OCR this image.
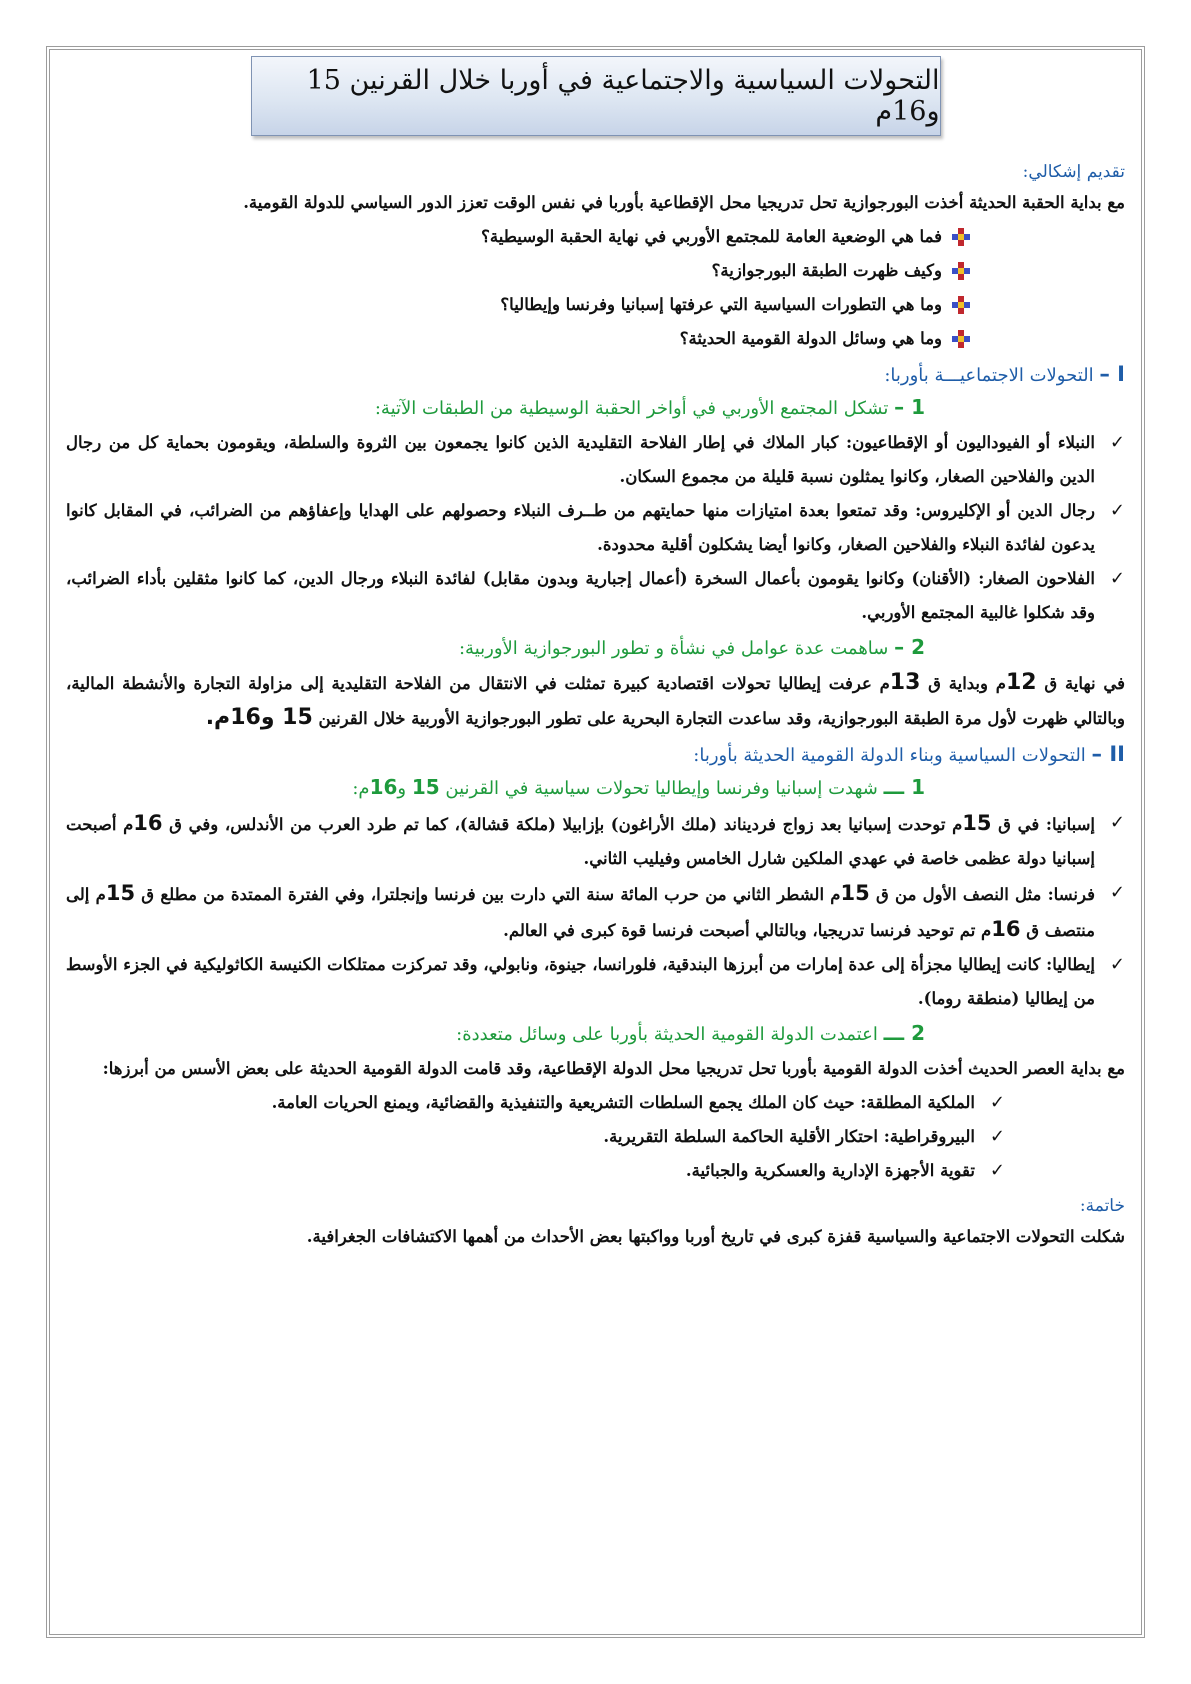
التحولات السياسية والاجتماعية في أوربا خلال القرنين 15 و16م
تقديم إشكالي:

مع بداية الحقبة الحديثة أخذت البورجوازية تحل تدريجيا محل الإقطاعية بأوربا في نفس الوقت تعزز الدور السياسي للدولة القومية.

فما هي الوضعية العامة للمجتمع الأوربي في نهاية الحقبة الوسيطية؟
وكيف ظهرت الطبقة البورجوازية؟
وما هي التطورات السياسية التي عرفتها إسبانيا وفرنسا وإيطاليا؟
وما هي وسائل الدولة القومية الحديثة؟
I – التحولات الاجتماعيـــة بأوربا:
1 – تشكل المجتمع الأوربي في أواخر الحقبة الوسيطية من الطبقات الآتية:
✓
النبلاء أو الفيوداليون أو الإقطاعيون: كبار الملاك في إطار الفلاحة التقليدية الذين كانوا يجمعون بين الثروة والسلطة، ويقومون بحماية كل من رجال الدين والفلاحين الصغار، وكانوا يمثلون نسبة قليلة من مجموع السكان.
✓
رجال الدين أو الإكليروس: وقد تمتعوا بعدة امتيازات منها حمايتهم من طــرف النبلاء وحصولهم على الهدايا وإعفاؤهم من الضرائب، في المقابل كانوا يدعون لفائدة النبلاء والفلاحين الصغار، وكانوا أيضا يشكلون أقلية محدودة.
✓
الفلاحون الصغار: (الأقنان) وكانوا يقومون بأعمال السخرة (أعمال إجبارية وبدون مقابل) لفائدة النبلاء ورجال الدين، كما كانوا مثقلين بأداء الضرائب، وقد شكلوا غالبية المجتمع الأوربي.
2 – ساهمت عدة عوامل في نشأة و تطور البورجوازية الأوربية:

في نهاية ق 12م وبداية ق 13م عرفت إيطاليا تحولات اقتصادية كبيرة تمثلت في الانتقال من الفلاحة التقليدية إلى مزاولة التجارة والأنشطة المالية، وبالتالي ظهرت لأول مرة الطبقة البورجوازية، وقد ساعدت التجارة البحرية على تطور البورجوازية الأوربية خلال القرنين 15 و16م.

II – التحولات السياسية وبناء الدولة القومية الحديثة بأوربا:
1 ـــ شهدت إسبانيا وفرنسا وإيطاليا تحولات سياسية في القرنين 15 و16م:
✓
إسبانيا: في ق 15م توحدت إسبانيا بعد زواج فرديناند (ملك الأراغون) بإزابيلا (ملكة قشالة)، كما تم طرد العرب من الأندلس، وفي ق 16م أصبحت إسبانيا دولة عظمى خاصة في عهدي الملكين شارل الخامس وفيليب الثاني.
✓
فرنسا: مثل النصف الأول من ق 15م الشطر الثاني من حرب المائة سنة التي دارت بين فرنسا وإنجلترا، وفي الفترة الممتدة من مطلع ق 15م إلى منتصف ق 16م تم توحيد فرنسا تدريجيا، وبالتالي أصبحت فرنسا قوة كبرى في العالم.
✓
إيطاليا: كانت إيطاليا مجزأة إلى عدة إمارات من أبرزها البندقية، فلورانسا، جينوة، ونابولي، وقد تمركزت ممتلكات الكنيسة الكاثوليكية في الجزء الأوسط من إيطاليا (منطقة روما).
2 ـــ اعتمدت الدولة القومية الحديثة بأوربا على وسائل متعددة:

مع بداية العصر الحديث أخذت الدولة القومية بأوربا تحل تدريجيا محل الدولة الإقطاعية، وقد قامت الدولة القومية الحديثة على بعض الأسس من أبرزها:

✓
الملكية المطلقة: حيث كان الملك يجمع السلطات التشريعية والتنفيذية والقضائية، ويمنع الحريات العامة.
✓
البيروقراطية: احتكار الأقلية الحاكمة السلطة التقريرية.
✓
تقوية الأجهزة الإدارية والعسكرية والجبائية.
خاتمة:

شكلت التحولات الاجتماعية والسياسية قفزة كبرى في تاريخ أوربا وواكبتها بعض الأحداث من أهمها الاكتشافات الجغرافية.
